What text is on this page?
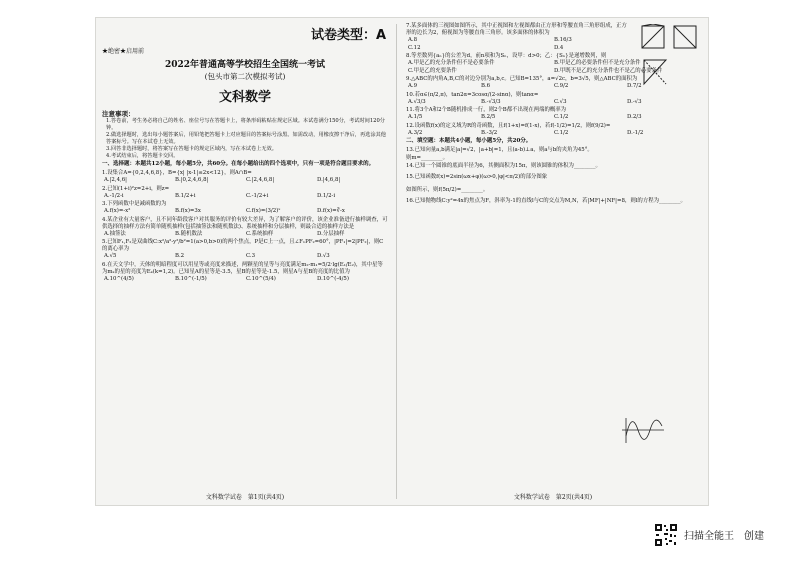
试卷类型：A
★绝密★启用前
2022年普通高等学校招生全国统一考试
(包头市第二次模拟考试)
文科数学
注意事项：
1.答卷前，考生务必将自己的姓名、座位号写在答题卡上，将条形码粘贴在规定区域。本试卷满分150分，考试时间120分钟。
2.做选择题时，选出每小题答案后，用铅笔把答题卡上对应题目的答案标号涂黑。如需改动，用橡皮擦干净后，再选涂其他答案标号。写在本试卷上无效。
3.回答非选择题时，将答案写在答题卡的规定区域内，写在本试卷上无效。
4.考试结束后，将答题卡交回。
一、选择题：本题共12小题，每小题5分，共60分。在每小题给出的四个选项中，只有一项是符合题目要求的。
1.设集合A={0,2,4,6,8}，B={x| |x-1|≤2x<12}，则A∩B=
A.|2,4,6|	B.|0,2,4,6,8|	C.|2,4,6,8|	D.|4,6,8|
2.已知(1+i)²z=2+i，则z=
A.-1/2-i	B.1/2+i	C.-1/2+i	D.1/2-i
3.下列函数中是减函数的为
A.f(x)=-x²	B.f(x)=3x	C.f(x)=(3/2)ˣ	D.f(x)=∛-x
4.某企业有大量客户，且不同年龄段客户对其服务的评价有较大差异，为了解客户的评价，该企业准备进行抽样调查，可供选择的抽样方法有简单随机抽样(包括抽签法和随机数法)、系统抽样和分层抽样，则最合适的抽样方法是
A.抽签法	B.随机数法	C.系统抽样	D.分层抽样
5.已知F₁,F₂是双曲线C:x²/a²-y²/b²=1(a>0,b>0)的两个焦点，P是C上一点，且∠F₁PF₂=60°，|PF₁|=2|PF₂|，则C的离心率为
A.√5	B.2	C.3	D.√3
6.在天文学中，天体的明暗程度可以用星等或亮度来描述，两颗星的星等与亮度满足m₂-m₁=5/2·lg(E₁/E₂)，其中星等为mₖ的星的亮度为Eₖ(k=1,2)。已知星A的星等是-3.5，星B的星等是-1.5，则星A与星B的亮度的比值为
A.10^(4/5)	B.10^(-1/5)	C.10^(5/4)	D.10^(-4/5)
文科数学试卷　第1页(共4页)
7.某多面体的三视图如图所示，其中正视图和左视图都由正方形和等腰直角三角形组成，正方形的边长为2，俯视图为等腰直角三角形。该多面体的体积为
A.8	B.16/3
C.12	D.4
8.等差数列{aₙ}的公差为d，前n项和为Sₙ，设甲：d>0；乙：{Sₙ}是递增数列，则
A.甲是乙的充分条件但不是必要条件	B.甲是乙的必要条件但不是充分条件
C.甲是乙的充要条件	D.甲既不是乙的充分条件也不是乙的必要条件
9.△ABC的内角A,B,C的对边分别为a,b,c。已知B=135°，a=√2c，b=3√5，则△ABC的面积为
A.9	B.6	C.9/2	D.7/2
10.若α∈(π/2,π)，tan2α=3cosα/(2-sinα)，则tanα=
A.√3/3	B.-√3/3	C.√3	D.-√3
11.将3个A和2个B随机排成一行，则2个B都不出现在两端的概率为
A.1/5	B.2/5	C.1/2	D.2/3
12.设函数f(x)的定义域为R的奇函数，且f(1+x)=f(1-x)，若f(-1/2)=1/2，则f(9/2)=
A.3/2	B.-3/2	C.1/2	D.-1/2
二、填空题：本题共4小题，每小题5分，共20分。
13.已知向量a,b满足|a|=√2，|a+b|=1，且(a-b)⊥a，则a与b的夹角为45°。
则m=________。
14.已知一个圆锥的底面半径为6，其侧面积为15π，则该圆锥的体积为________。
15.已知函数f(x)=2sin(ωx+φ)(ω>0,|φ|<π/2)的部分图象
如图所示，则f(5π/2)=________。
16.已知抛物线C:y²=4x的焦点为F，斜率为-1的直线l与C的交点为M,N，若|MF|+|NF|=8，则l的方程为________。
文科数学试卷　第2页(共4页)
扫描全能王　创建
